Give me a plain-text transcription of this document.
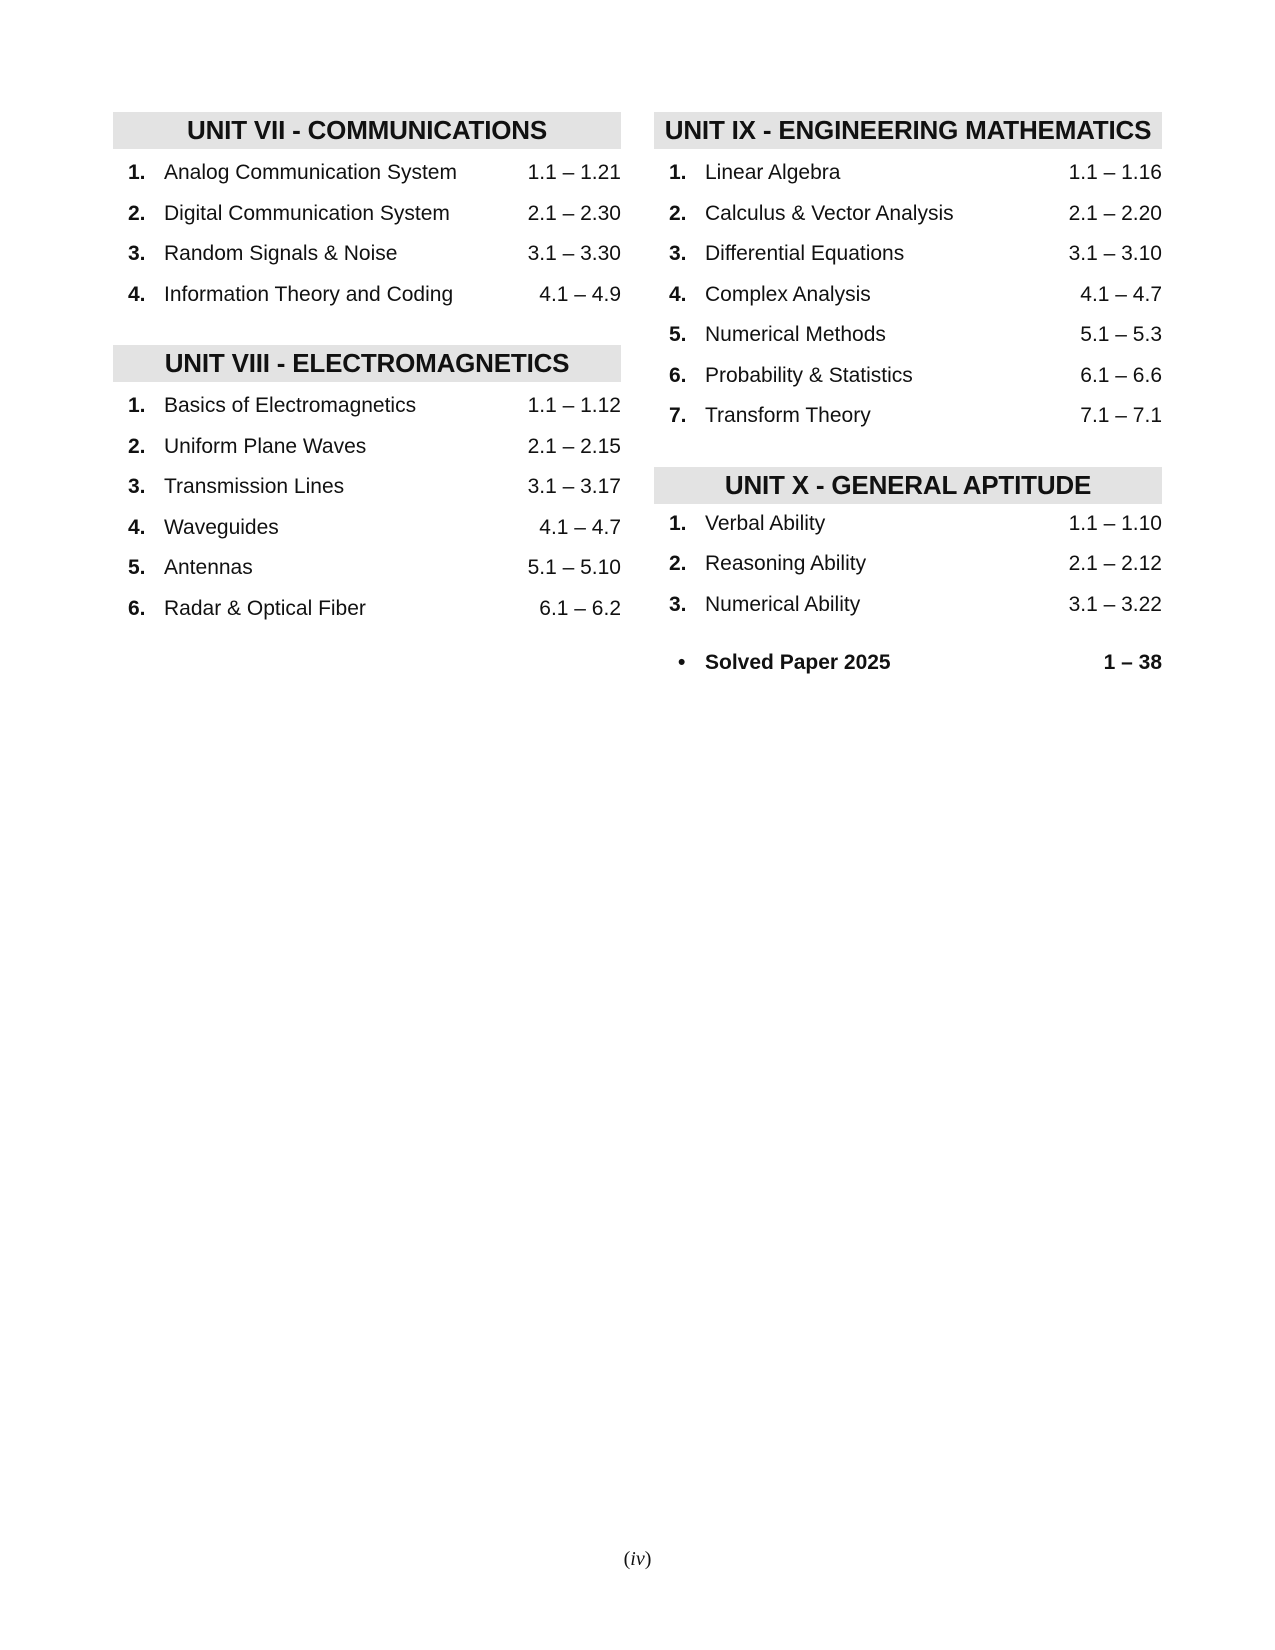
UNIT VII - COMMUNICATIONS
1. Analog Communication System	1.1 – 1.21
2. Digital Communication System	2.1 – 2.30
3. Random Signals & Noise	3.1 – 3.30
4. Information Theory and Coding	4.1 – 4.9
UNIT VIII - ELECTROMAGNETICS
1. Basics of Electromagnetics	1.1 – 1.12
2. Uniform Plane Waves	2.1 – 2.15
3. Transmission Lines	3.1 – 3.17
4. Waveguides	4.1 – 4.7
5. Antennas	5.1 – 5.10
6. Radar & Optical Fiber	6.1 – 6.2
UNIT IX - ENGINEERING MATHEMATICS
1. Linear Algebra	1.1 – 1.16
2. Calculus & Vector Analysis	2.1 – 2.20
3. Differential Equations	3.1 – 3.10
4. Complex Analysis	4.1 – 4.7
5. Numerical Methods	5.1 – 5.3
6. Probability & Statistics	6.1 – 6.6
7. Transform Theory	7.1 – 7.1
UNIT X - GENERAL APTITUDE
1. Verbal Ability	1.1 – 1.10
2. Reasoning Ability	2.1 – 2.12
3. Numerical Ability	3.1 – 3.22
• Solved Paper 2025	1 – 38
(iv)
